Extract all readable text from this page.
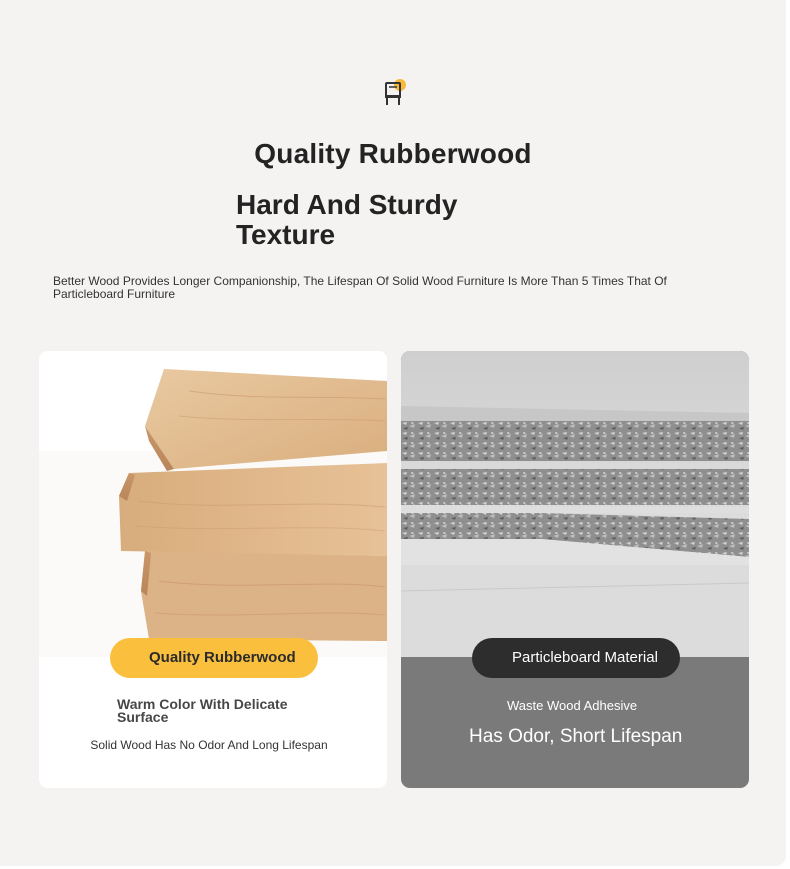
Quality Rubberwood
Hard And Sturdy Texture
Better Wood Provides Longer Companionship, The Lifespan Of Solid Wood Furniture Is More Than 5 Times That Of Particleboard Furniture
Quality Rubberwood
Warm Color With Delicate Surface
Solid Wood Has No Odor And Long Lifespan
Particleboard Material
Waste Wood Adhesive
Has Odor, Short Lifespan
